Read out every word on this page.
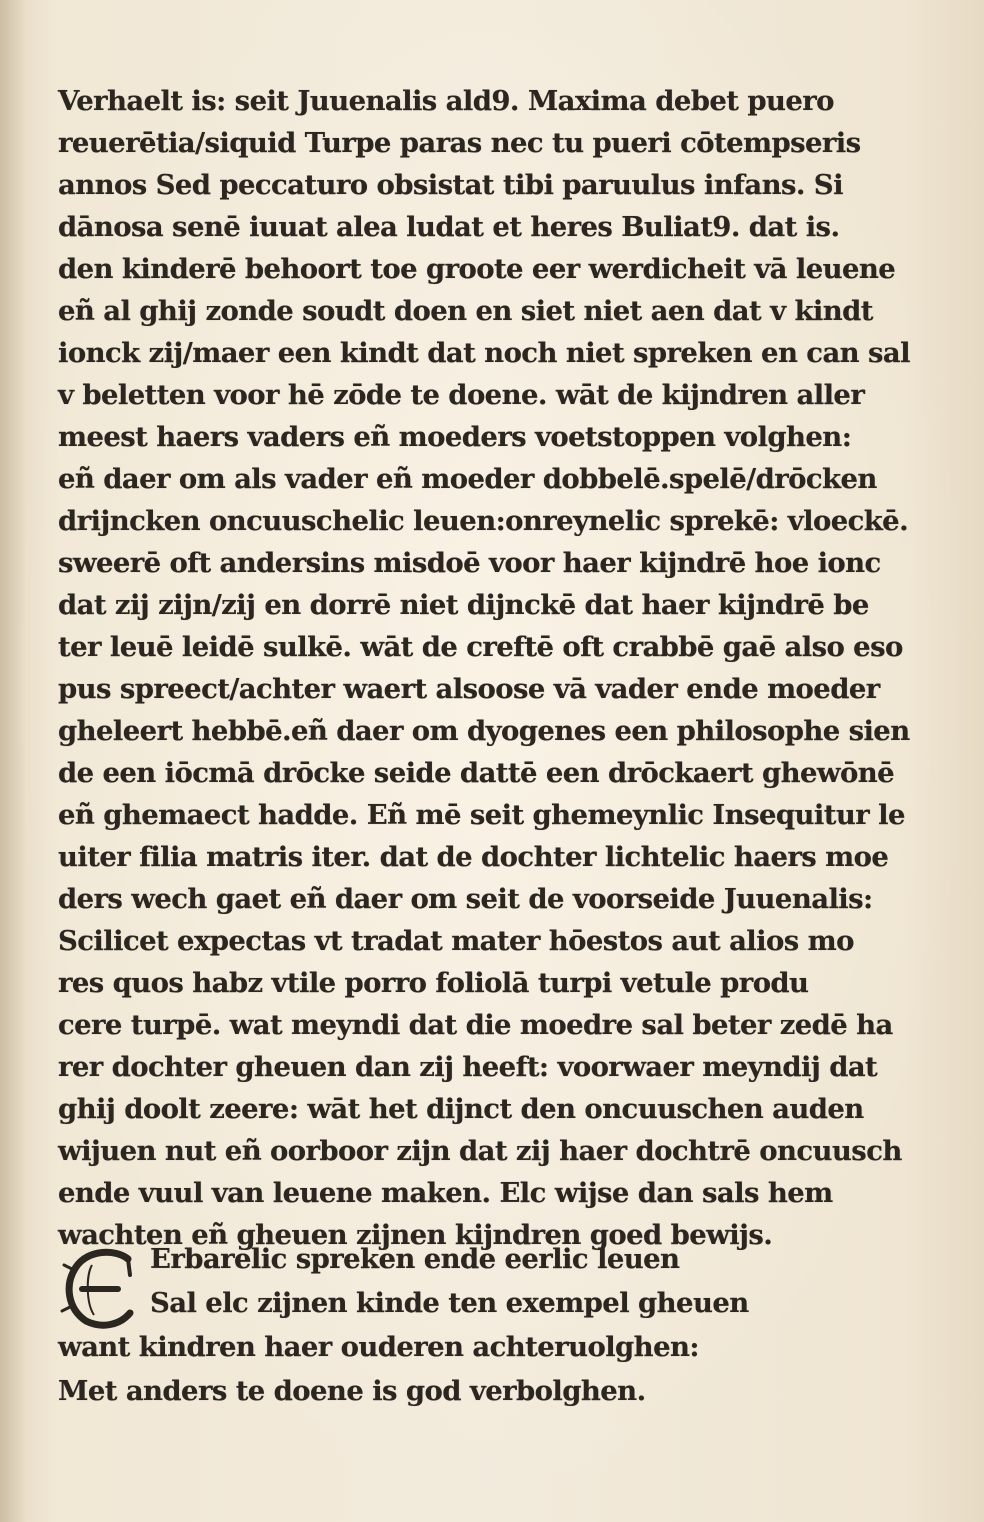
Verhaelt is: seit Juuenalis ald9. Maxima debet puero
reuerētia/siquid Turpe paras nec tu pueri cōtempseris
annos Sed peccaturo obsistat tibi paruulus infans. Si
dānosa senē iuuat alea ludat et heres Buliat9. dat is.
den kinderē behoort toe groote eer werdicheit vā leuene
eñ al ghij zonde soudt doen en siet niet aen dat v kindt
ionck zij/maer een kindt dat noch niet spreken en can sal
v beletten voor hē zōde te doene. wāt de kijndren aller
meest haers vaders eñ moeders voetstoppen volghen:
eñ daer om als vader eñ moeder dobbelē.spelē/drōcken
drijncken oncuuschelic leuen:onreynelic sprekē: vloeckē.
sweerē oft andersins misdoē voor haer kijndrē hoe ionc
dat zij zijn/zij en dorrē niet dijnckē dat haer kijndrē be
ter leuē leidē sulkē. wāt de creftē oft crabbē gaē also eso
pus spreect/achter waert alsoose vā vader ende moeder
gheleert hebbē.eñ daer om dyogenes een philosophe sien
de een iōcmā drōcke seide dattē een drōckaert ghewōnē
eñ ghemaect hadde. Eñ mē seit ghemeynlic Insequitur le
uiter filia matris iter. dat de dochter lichtelic haers moe
ders wech gaet eñ daer om seit de voorseide Juuenalis:
Scilicet expectas vt tradat mater hōestos aut alios mo
res quos habz vtile porro foliolā turpi vetule produ
cere turpē. wat meyndi dat die moedre sal beter zedē ha
rer dochter gheuen dan zij heeft: voorwaer meyndij dat
ghij doolt zeere: wāt het dijnct den oncuuschen auden
wijuen nut eñ oorboor zijn dat zij haer dochtrē oncuusch
ende vuul van leuene maken. Elc wijse dan sals hem
wachten eñ gheuen zijnen kijndren goed bewijs.
Erbarelic spreken ende eerlic leuen
Sal elc zijnen kinde ten exempel gheuen
want kindren haer ouderen achteruolghen:
Met anders te doene is god verbolghen.
